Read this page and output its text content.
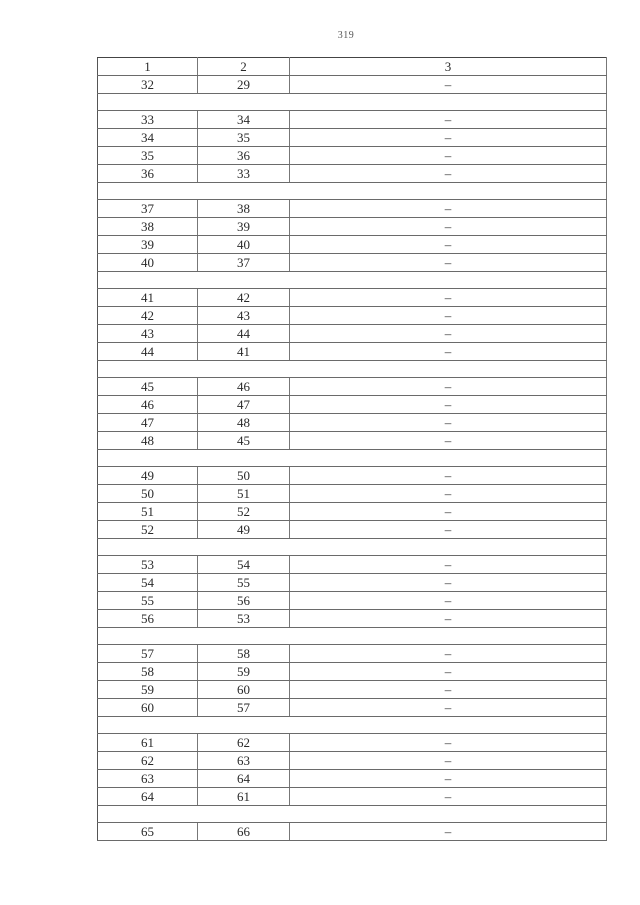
319
1	2	3
32	29	–

33	34	–
34	35	–
35	36	–
36	33	–

37	38	–
38	39	–
39	40	–
40	37	–

41	42	–
42	43	–
43	44	–
44	41	–

45	46	–
46	47	–
47	48	–
48	45	–

49	50	–
50	51	–
51	52	–
52	49	–

53	54	–
54	55	–
55	56	–
56	53	–

57	58	–
58	59	–
59	60	–
60	57	–

61	62	–
62	63	–
63	64	–
64	61	–

65	66	–
